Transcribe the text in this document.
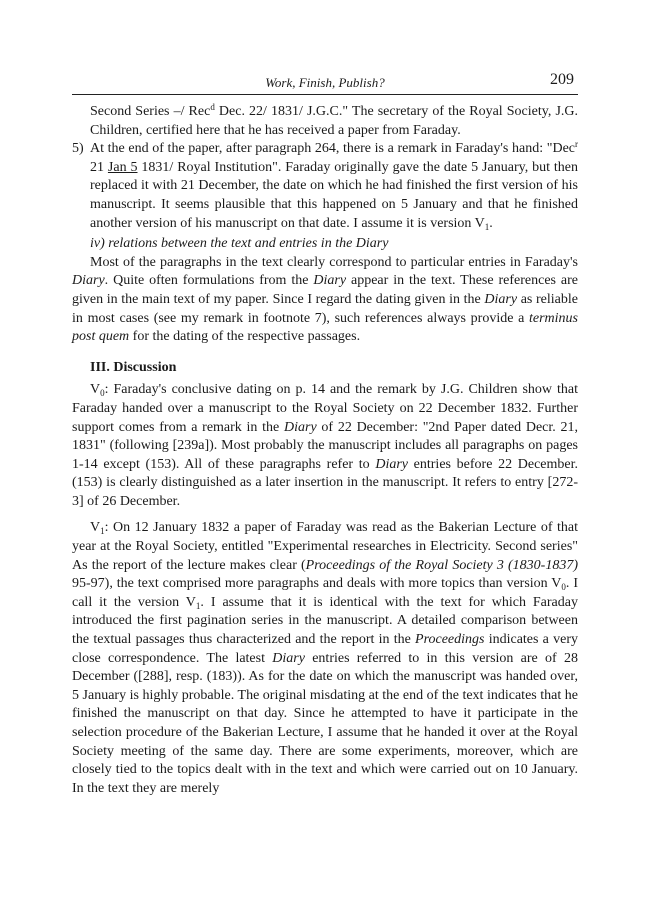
Work, Finish, Publish?	209

Second Series –/ Rec$^d$ Dec. 22/ 1831/ J.G.C." The secretary of the Royal Society, J.G. Children, certified here that he has received a paper from Faraday.

5) At the end of the paper, after paragraph 264, there is a remark in Faraday's hand: "Dec$^r$ 21 Jan 5 1831/ Royal Institution". Faraday originally gave the date 5 January, but then replaced it with 21 December, the date on which he had finished the first version of his manuscript. It seems plausible that this happened on 5 January and that he finished another version of his manuscript on that date. I assume it is version $V_1$.

iv) relations between the text and entries in the Diary

Most of the paragraphs in the text clearly correspond to particular entries in Faraday's Diary. Quite often formulations from the Diary appear in the text. These references are given in the main text of my paper. Since I regard the dating given in the Diary as reliable in most cases (see my remark in footnote 7), such references always provide a terminus post quem for the dating of the respective passages.

III. Discussion

$V_0$: Faraday's conclusive dating on p. 14 and the remark by J.G. Children show that Faraday handed over a manuscript to the Royal Society on 22 December 1832. Further support comes from a remark in the Diary of 22 December: "2nd Paper dated Decr. 21, 1831" (following [239a]). Most probably the manuscript includes all paragraphs on pages 1-14 except (153). All of these paragraphs refer to Diary entries before 22 December. (153) is clearly distinguished as a later insertion in the manuscript. It refers to entry [272-3] of 26 December.

$V_1$: On 12 January 1832 a paper of Faraday was read as the Bakerian Lecture of that year at the Royal Society, entitled "Experimental researches in Electricity. Second series" As the report of the lecture makes clear (Proceedings of the Royal Society 3 (1830-1837) 95-97), the text comprised more paragraphs and deals with more topics than version $V_0$. I call it the version $V_1$. I assume that it is identical with the text for which Faraday introduced the first pagination series in the manuscript. A detailed comparison between the textual passages thus characterized and the report in the Proceedings indicates a very close correspondence. The latest Diary entries referred to in this version are of 28 December ([288], resp. (183)). As for the date on which the manuscript was handed over, 5 January is highly probable. The original misdating at the end of the text indicates that he finished the manuscript on that day. Since he attempted to have it participate in the selection procedure of the Bakerian Lecture, I assume that he handed it over at the Royal Society meeting of the same day. There are some experiments, moreover, which are closely tied to the topics dealt with in the text and which were carried out on 10 January. In the text they are merely
